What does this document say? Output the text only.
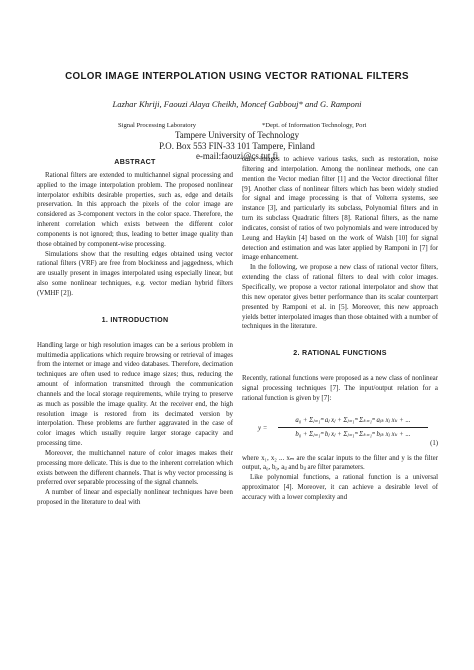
COLOR IMAGE INTERPOLATION USING VECTOR RATIONAL FILTERS
Lazhar Khriji, Faouzi Alaya Cheikh, Moncef Gabbouj* and G. Ramponi
Signal Processing Laboratory	*Dept. of Information Technology, Pori
Tampere University of Technology
P.O. Box 553 FIN-33 101 Tampere, Finland
e-mail:faouzi@cs.tut.fi
ABSTRACT

Rational filters are extended to multichannel signal processing and applied to the image interpolation problem. The proposed nonlinear interpolator exhibits desirable properties, such as, edge and details preservation. In this approach the pixels of the color image are considered as 3-component vectors in the color space. Therefore, the inherent correlation which exists between the different color components is not ignored; thus, leading to better image quality than those obtained by component-wise processing.

Simulations show that the resulting edges obtained using vector rational filters (VRF) are free from blockiness and jaggedness, which are usually present in images interpolated using especially linear, but also some nonlinear techniques, e.g. vector median hybrid filters (VMHF [2]).

1. INTRODUCTION

Handling large or high resolution images can be a serious problem in multimedia applications which require browsing or retrieval of images from the internet or image and video databases. Therefore, decimation techniques are often used to reduce image sizes; thus, reducing the amount of information transmitted through the communication channels and the local storage requirements, while trying to preserve as much as possible the image quality. At the receiver end, the high resolution image is restored from its decimated version by interpolation. These problems are further aggravated in the case of color images which usually require larger storage capacity and processing time.

Moreover, the multichannel nature of color images makes their processing more delicate. This is due to the inherent correlation which exists between the different channels. That is why vector processing is preferred over separable processing of the signal channels.

A number of linear and especially nonlinear techniques have been proposed in the literature to deal with

color images to achieve various tasks, such as restoration, noise filtering and interpolation. Among the nonlinear methods, one can mention the Vector median filter [1] and the Vector directional filter [9]. Another class of nonlinear filters which has been widely studied for signal and image processing is that of Volterra systems, see instance [3], and particularly its subclass, Polynomial filters and in turn its subclass Quadratic filters [8]. Rational filters, as the name indicates, consist of ratios of two polynomials and were introduced by Leung and Haykin [4] based on the work of Walsh [10] for signal detection and estimation and was later applied by Ramponi in [7] for image enhancement.

In the following, we propose a new class of rational vector filters, extending the class of rational filters to deal with color images. Specifically, we propose a vector rational interpolator and show that this new operator gives better performance than its scalar counterpart presented by Ramponi et al. in [5]. Moreover, this new approach yields better interpolated images than those obtained with a number of techniques in the literature.

2. RATIONAL FUNCTIONS

Recently, rational functions were proposed as a new class of nonlinear signal processing techniques [7]. The input/output relation for a rational function is given by [7]:

y =
a₀ + Σⱼ₌₁ᵐ aⱼ xⱼ + Σⱼ₌₁ᵐ Σₖ₌₁ᵐ aⱼₖ xⱼ xₖ + ...
b₀ + Σⱼ₌₁ᵐ bⱼ xⱼ + Σⱼ₌₁ᵐ Σₖ₌₁ᵐ bⱼₖ xⱼ xₖ + ...
(1)

where x₁, x₂ ... xₘ are the scalar inputs to the filter and y is the filter output, a₀, b₀, aᵢⱼ and bᵢⱼ are filter parameters.

Like polynomial functions, a rational function is a universal approximator [4]. Moreover, it can achieve a desirable level of accuracy with a lower complexity and
